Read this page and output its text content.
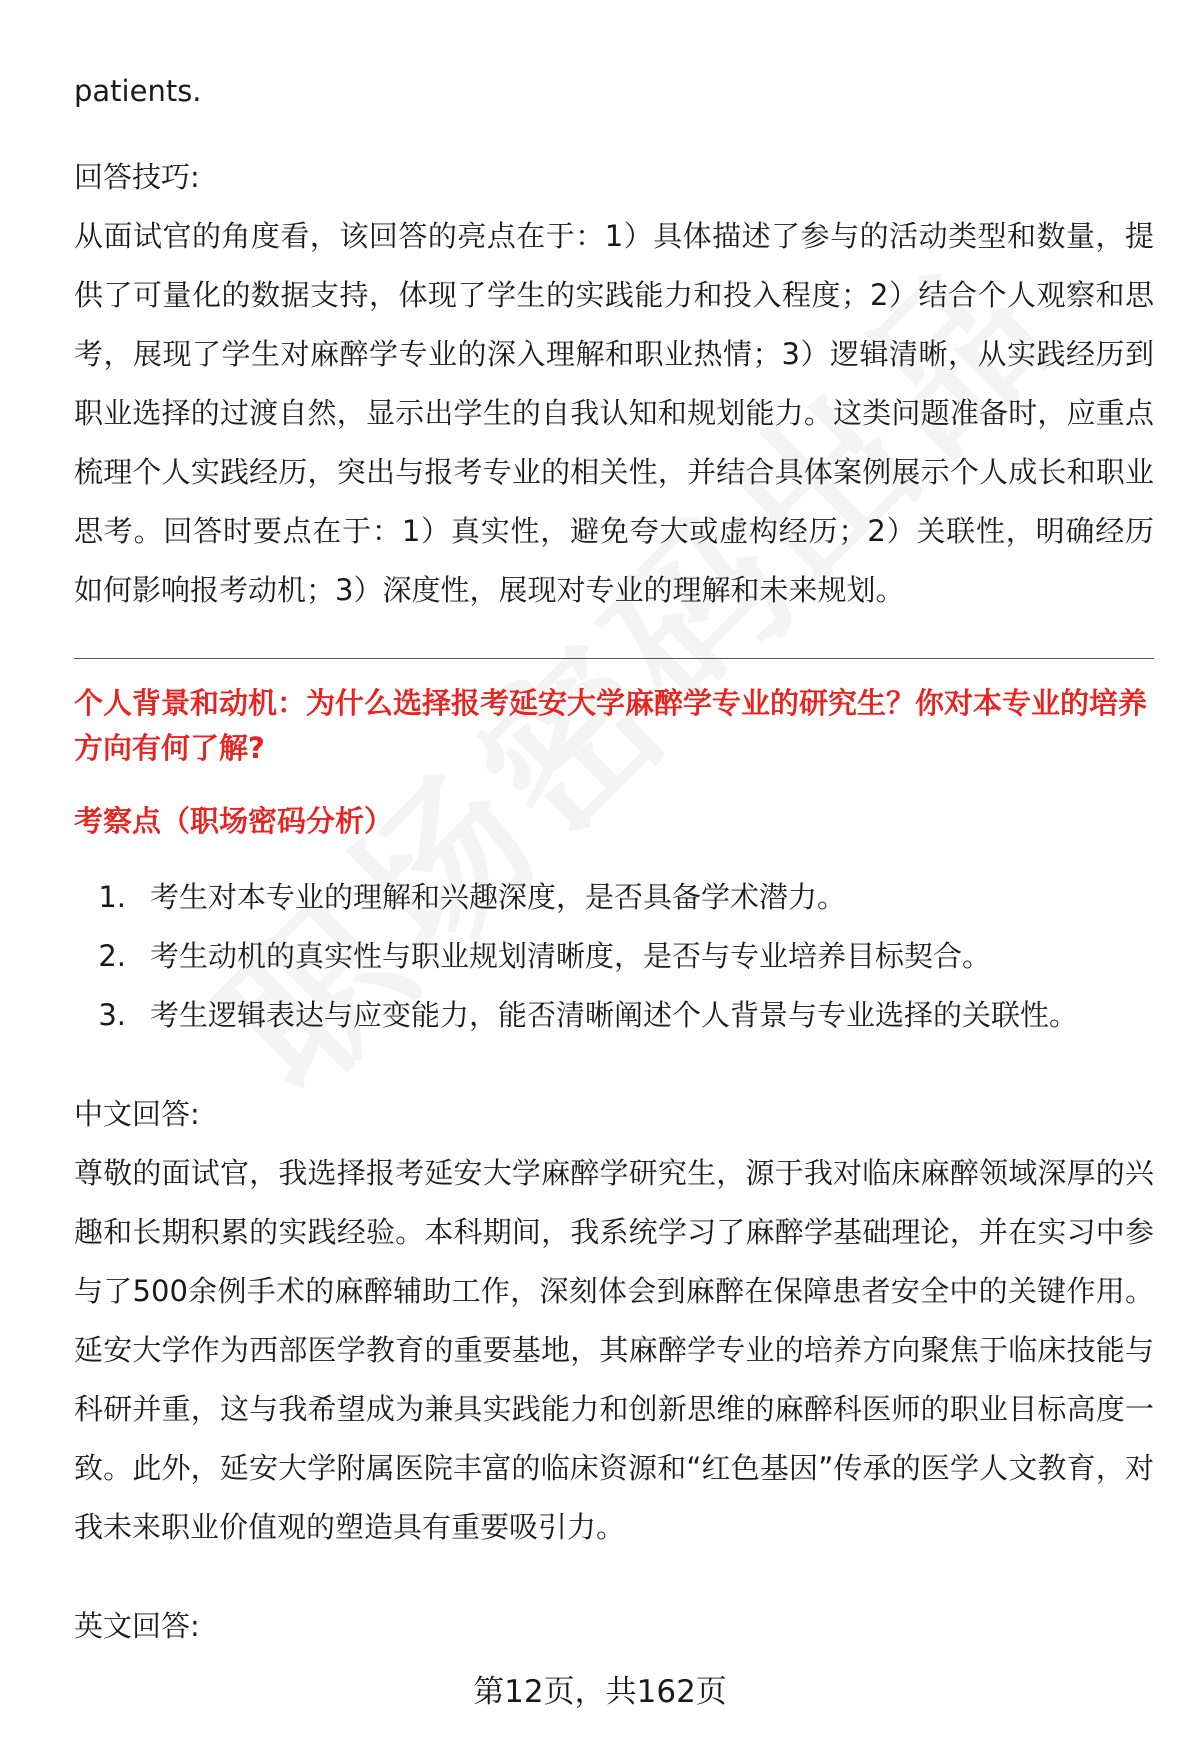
patients.

回答技巧:

从面试官的角度看，该回答的亮点在于：1）具体描述了参与的活动类型和数量，提供了可量化的数据支持，体现了学生的实践能力和投入程度；2）结合个人观察和思考，展现了学生对麻醉学专业的深入理解和职业热情；3）逻辑清晰，从实践经历到职业选择的过渡自然，显示出学生的自我认知和规划能力。这类问题准备时，应重点梳理个人实践经历，突出与报考专业的相关性，并结合具体案例展示个人成长和职业思考。回答时要点在于：1）真实性，避免夸大或虚构经历；2）关联性，明确经历如何影响报考动机；3）深度性，展现对专业的理解和未来规划。

个人背景和动机：为什么选择报考延安大学麻醉学专业的研究生？你对本专业的培养方向有何了解?

考察点（职场密码分析）

1. 考生对本专业的理解和兴趣深度，是否具备学术潜力。
2. 考生动机的真实性与职业规划清晰度，是否与专业培养目标契合。
3. 考生逻辑表达与应变能力，能否清晰阐述个人背景与专业选择的关联性。

中文回答:

尊敬的面试官，我选择报考延安大学麻醉学研究生，源于我对临床麻醉领域深厚的兴趣和长期积累的实践经验。本科期间，我系统学习了麻醉学基础理论，并在实习中参与了500余例手术的麻醉辅助工作，深刻体会到麻醉在保障患者安全中的关键作用。延安大学作为西部医学教育的重要基地，其麻醉学专业的培养方向聚焦于临床技能与科研并重，这与我希望成为兼具实践能力和创新思维的麻醉科医师的职业目标高度一致。此外，延安大学附属医院丰富的临床资源和“红色基因”传承的医学人文教育，对我未来职业价值观的塑造具有重要吸引力。

英文回答:

第12页，共162页
